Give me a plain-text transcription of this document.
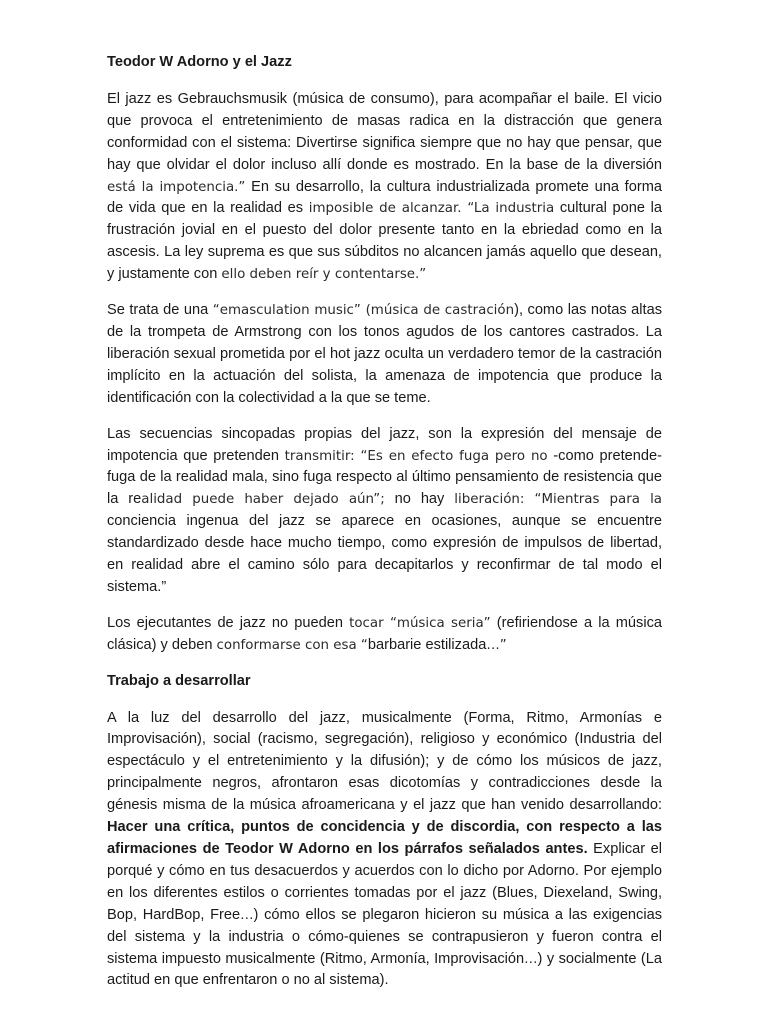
Teodor W Adorno y el Jazz

El jazz es Gebrauchsmusik (música de consumo), para acompañar el baile. El vicio que provoca el entretenimiento de masas radica en la distracción que genera conformidad con el sistema: Divertirse significa siempre que no hay que pensar, que hay que olvidar el dolor incluso allí donde es mostrado. En la base de la diversión está la impotencia.” En su desarrollo, la cultura industrializada promete una forma de vida que en la realidad es imposible de alcanzar. “La industria cultural pone la frustración jovial en el puesto del dolor presente tanto en la ebriedad como en la ascesis. La ley suprema es que sus súbditos no alcancen jamás aquello que desean, y justamente con ello deben reír y contentarse.”

Se trata de una “emasculation music” (música de castración), como las notas altas de la trompeta de Armstrong con los tonos agudos de los cantores castrados. La liberación sexual prometida por el hot jazz oculta un verdadero temor de la castración implícito en la actuación del solista, la amenaza de impotencia que produce la identificación con la colectividad a la que se teme.

Las secuencias sincopadas propias del jazz, son la expresión del mensaje de impotencia que pretenden transmitir: “Es en efecto fuga pero no -como pretende-fuga de la realidad mala, sino fuga respecto al último pensamiento de resistencia que la realidad puede haber dejado aún”; no hay liberación: “Mientras para la conciencia ingenua del jazz se aparece en ocasiones, aunque se encuentre standardizado desde hace mucho tiempo, como expresión de impulsos de libertad, en realidad abre el camino sólo para decapitarlos y reconfirmar de tal modo el sistema.”

Los ejecutantes de jazz no pueden tocar “música seria” (refiriendose a la música clásica) y deben conformarse con esa “barbarie estilizada…”

Trabajo a desarrollar

A la luz del desarrollo del jazz, musicalmente (Forma, Ritmo, Armonías e Improvisación), social (racismo, segregación), religioso y económico (Industria del espectáculo y el entretenimiento y la difusión); y de cómo los músicos de jazz, principalmente negros, afrontaron esas dicotomías y contradicciones desde la génesis misma de la música afroamericana y el jazz que han venido desarrollando: Hacer una crítica, puntos de concidencia y de discordia, con respecto a las afirmaciones de Teodor W Adorno en los párrafos señalados antes. Explicar el porqué y cómo en tus desacuerdos y acuerdos con lo dicho por Adorno. Por ejemplo en los diferentes estilos o corrientes tomadas por el jazz (Blues, Diexeland, Swing, Bop, HardBop, Free…) cómo ellos se plegaron hicieron su música a las exigencias del sistema y la industria o cómo-quienes se contrapusieron y fueron contra el sistema impuesto musicalmente (Ritmo, Armonía, Improvisación…) y socialmente (La actitud en que enfrentaron o no al sistema).
